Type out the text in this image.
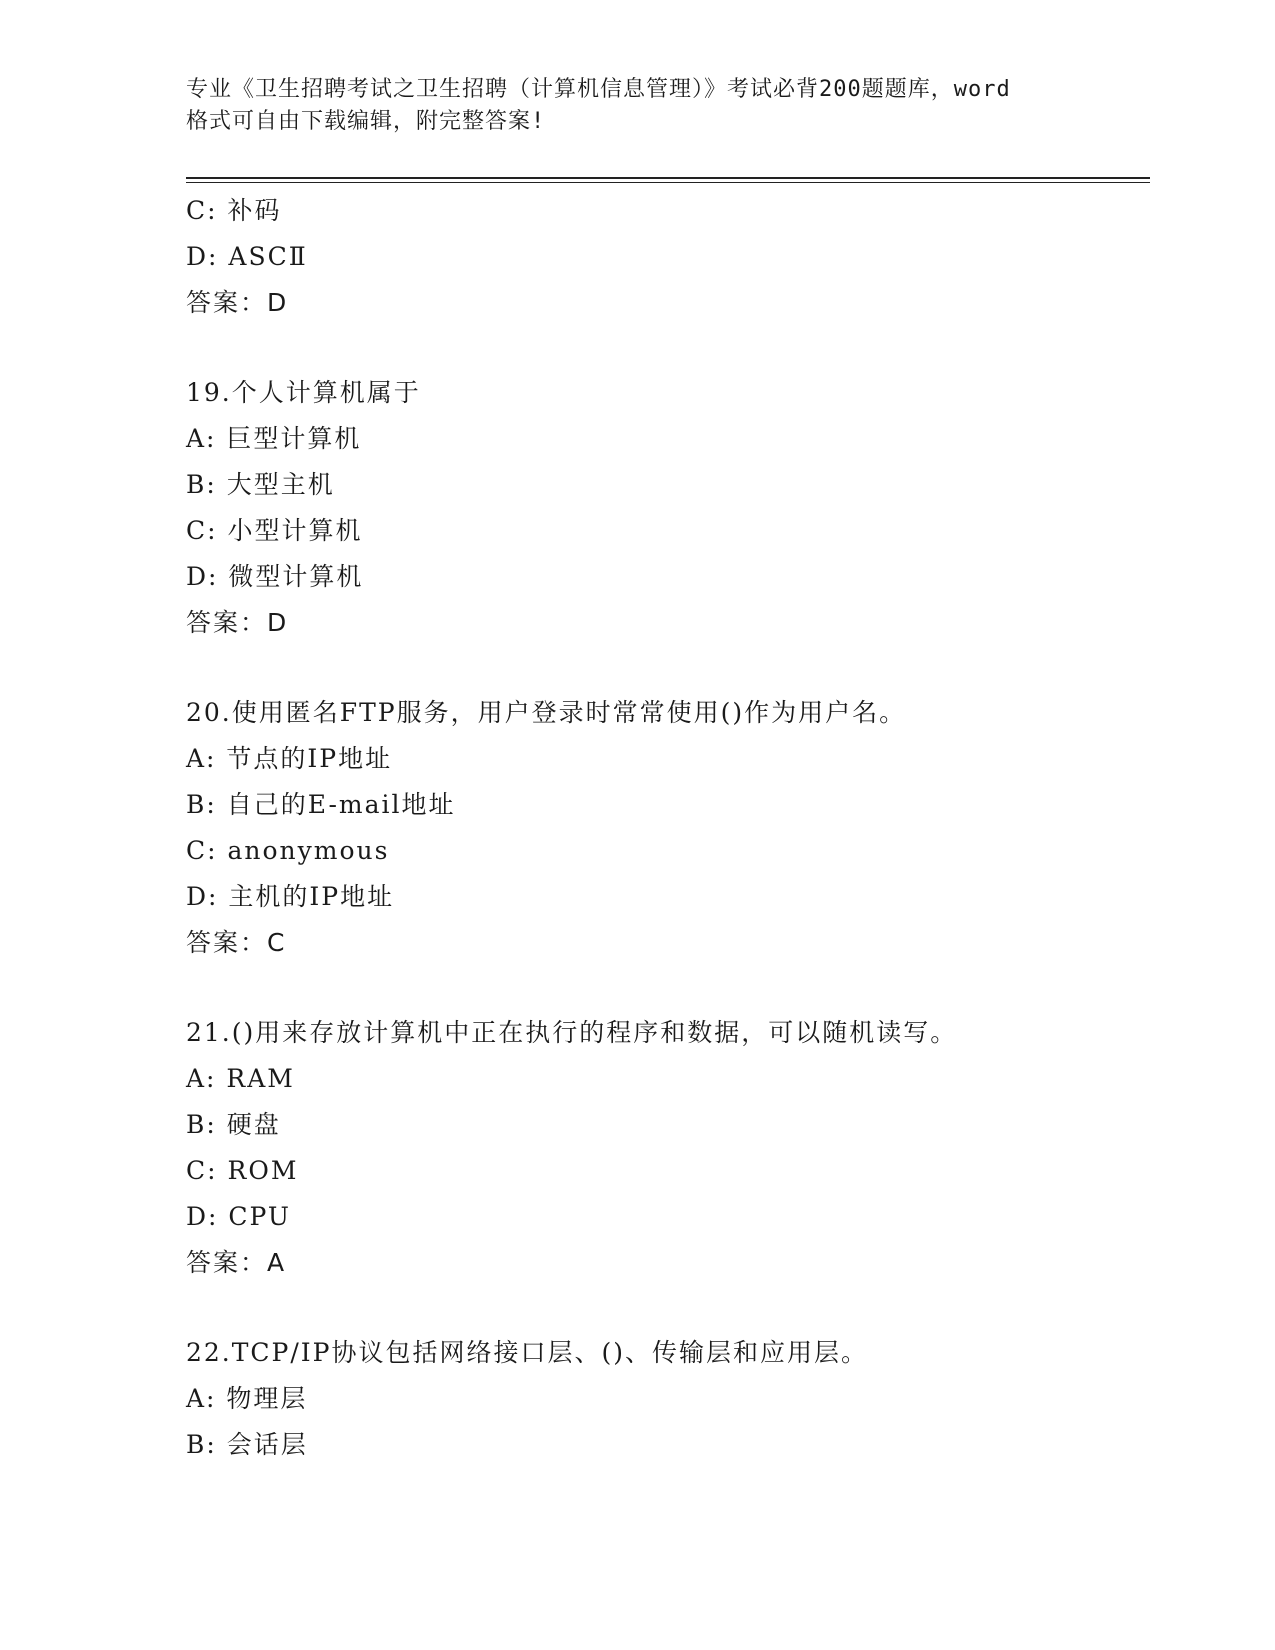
专业《卫生招聘考试之卫生招聘（计算机信息管理）》考试必背200题题库，word
格式可自由下载编辑，附完整答案!
C: 补码
D: ASCⅡ
答案：D
19.个人计算机属于
A: 巨型计算机
B: 大型主机
C: 小型计算机
D: 微型计算机
答案：D
20.使用匿名FTP服务，用户登录时常常使用()作为用户名。
A: 节点的IP地址
B: 自己的E-mail地址
C: anonymous
D: 主机的IP地址
答案：C
21.()用来存放计算机中正在执行的程序和数据，可以随机读写。
A: RAM
B: 硬盘
C: ROM
D: CPU
答案：A
22.TCP/IP协议包括网络接口层、()、传输层和应用层。
A: 物理层
B: 会话层
